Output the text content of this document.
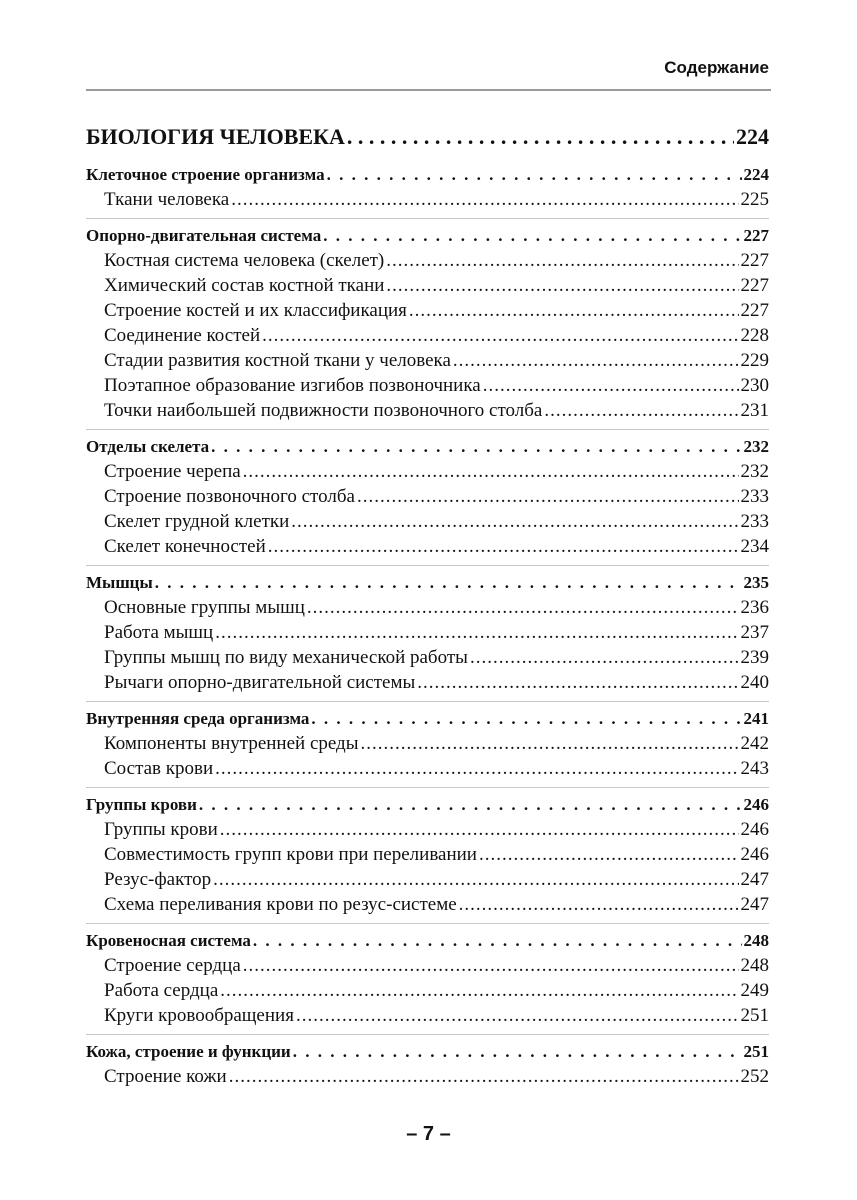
Содержание
БИОЛОГИЯ ЧЕЛОВЕКА . . .	224
Клеточное строение организма . . .	224
Ткани человека .....	225
Опорно-двигательная система . . .	227
Костная система человека (скелет) .....	227
Химический состав костной ткани .....	227
Строение костей и их классификация .....	227
Соединение костей .....	228
Стадии развития костной ткани у человека .....	229
Поэтапное образование изгибов позвоночника .....	230
Точки наибольшей подвижности позвоночного столба .....	231
Отделы скелета . . .	232
Строение черепа .....	232
Строение позвоночного столба .....	233
Скелет грудной клетки .....	233
Скелет конечностей .....	234
Мышцы . . .	235
Основные группы мышц .....	236
Работа мышц .....	237
Группы мышц по виду механической работы .....	239
Рычаги опорно-двигательной системы .....	240
Внутренняя среда организма . . .	241
Компоненты внутренней среды .....	242
Состав крови .....	243
Группы крови . . .	246
Группы крови .....	246
Совместимость групп крови при переливании .....	246
Резус-фактор .....	247
Схема переливания крови по резус-системе .....	247
Кровеносная система . . .	248
Строение сердца .....	248
Работа сердца .....	249
Круги кровообращения .....	251
Кожа, строение и функции . . .	251
Строение кожи .....	252
– 7 –
